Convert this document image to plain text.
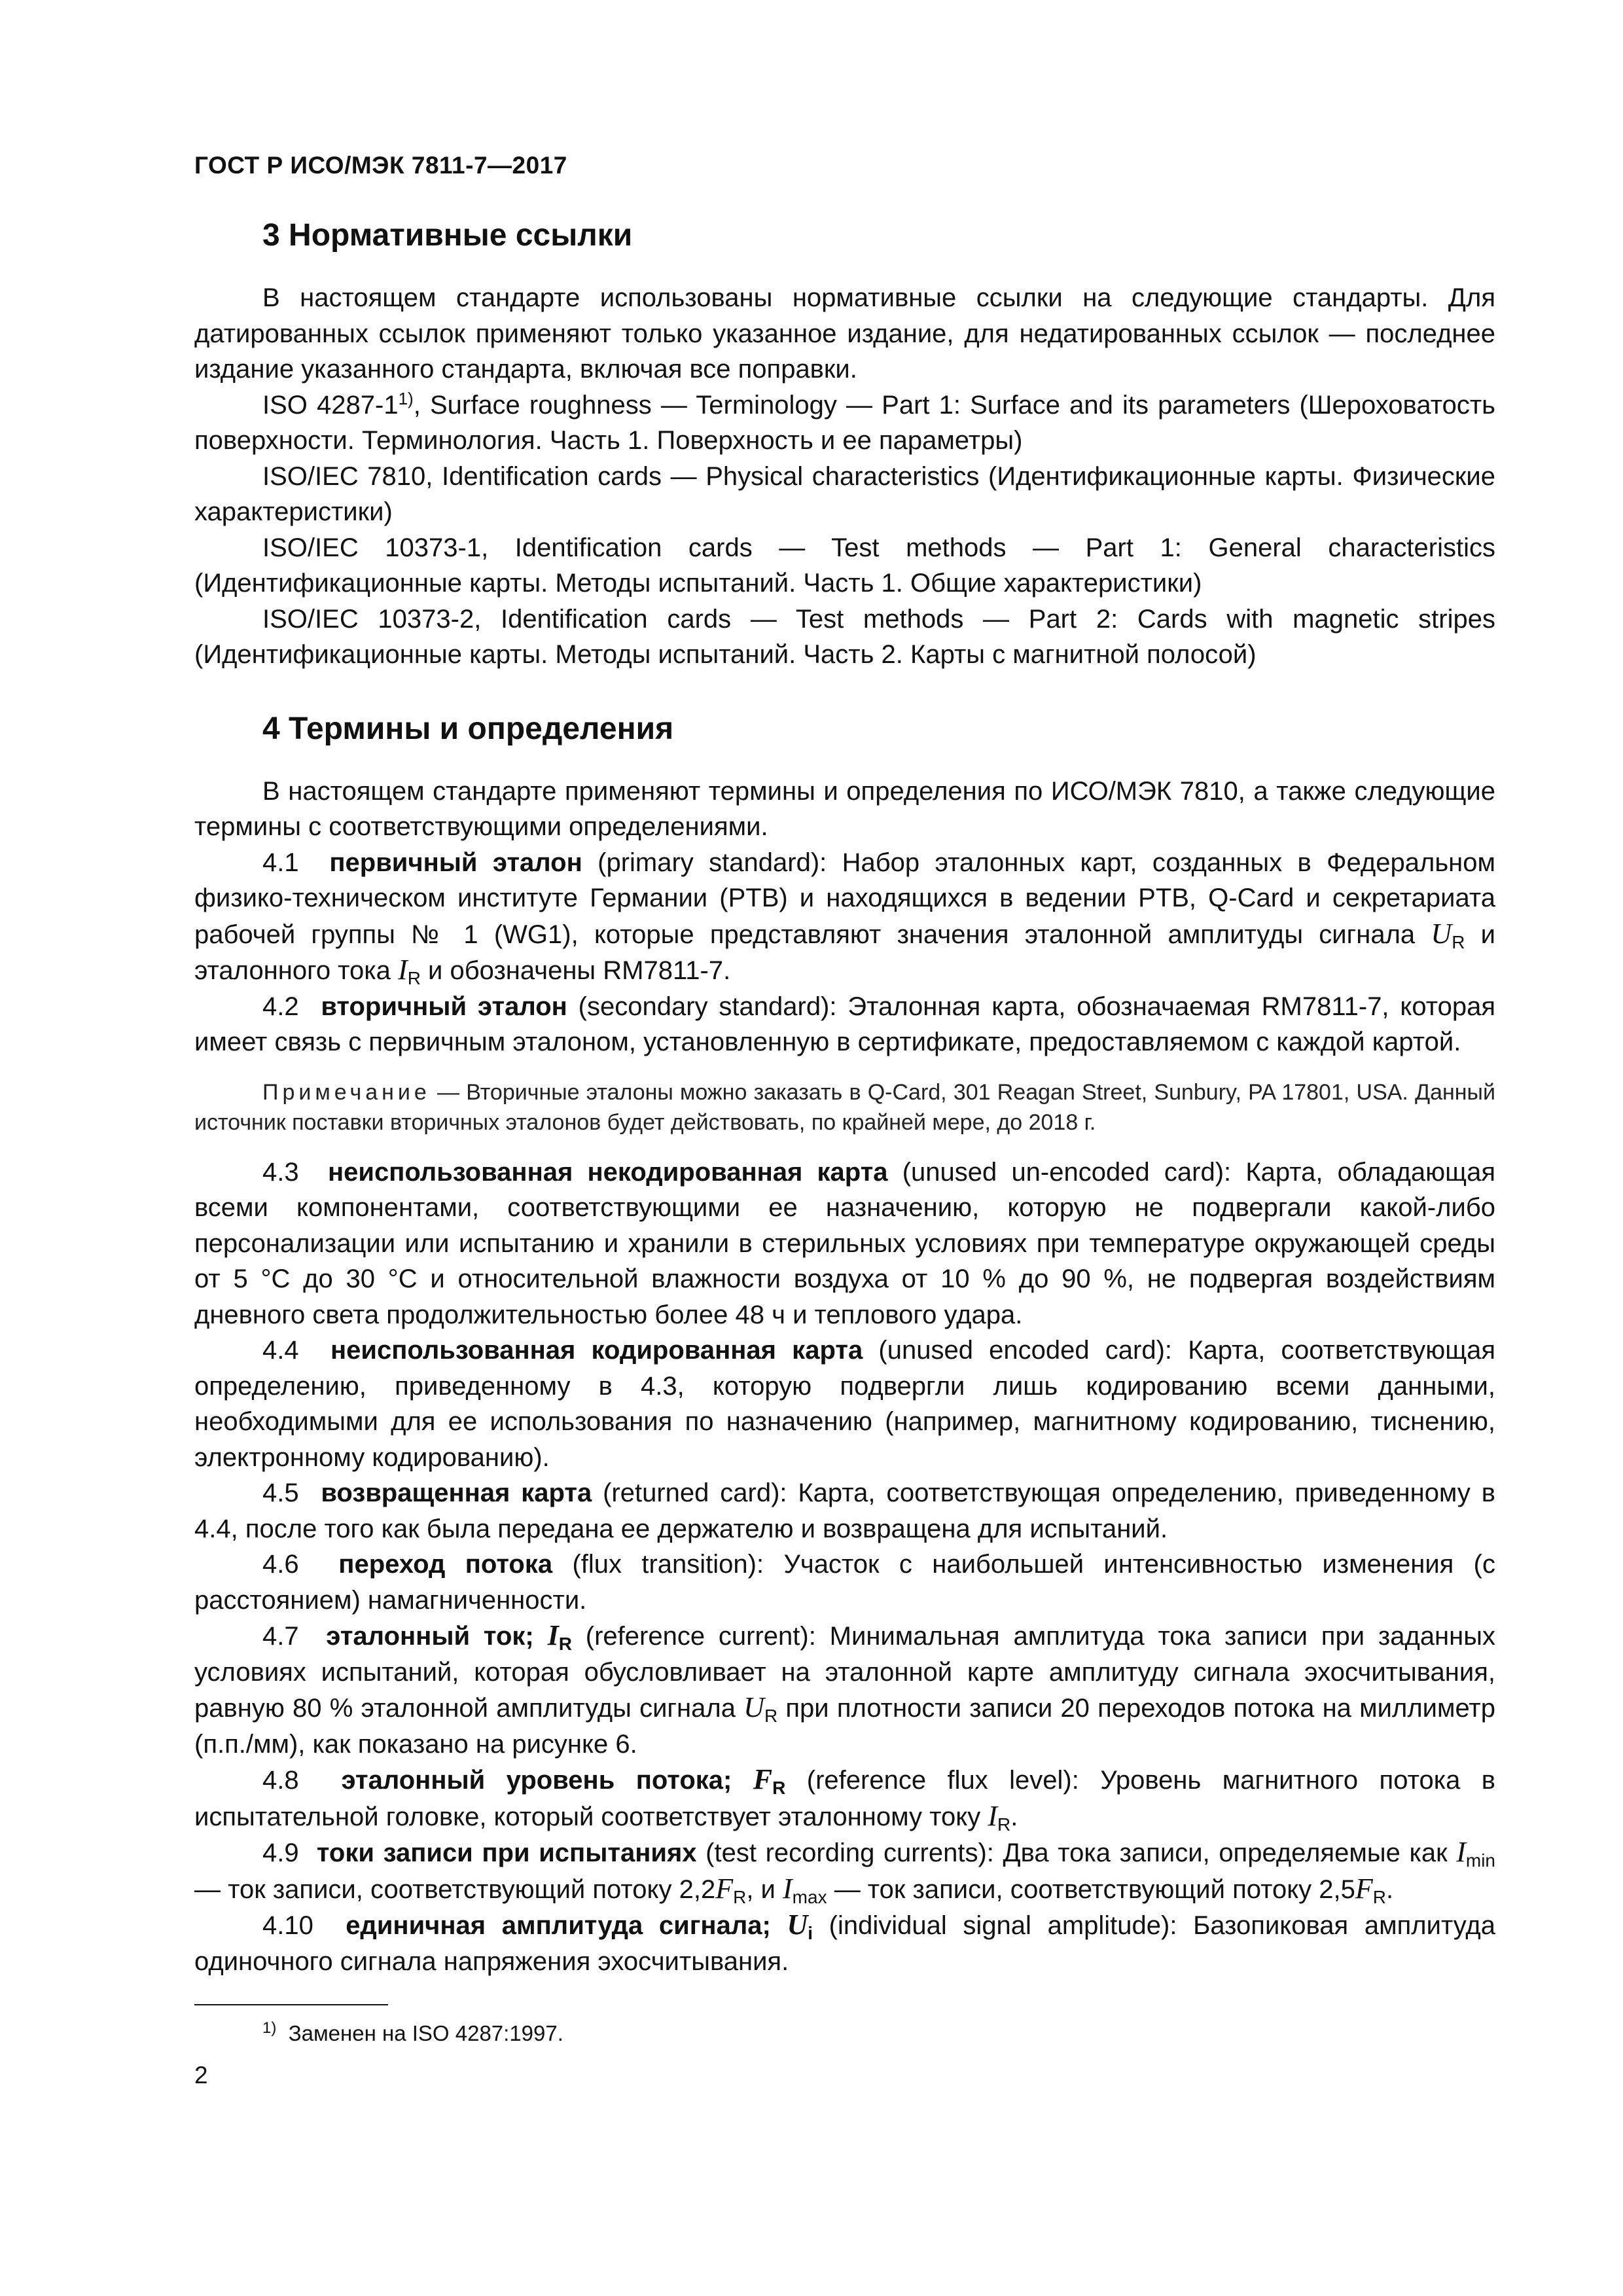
ГОСТ Р ИСО/МЭК 7811-7—2017
3 Нормативные ссылки

В настоящем стандарте использованы нормативные ссылки на следующие стандарты. Для датированных ссылок применяют только указанное издание, для недатированных ссылок — последнее издание указанного стандарта, включая все поправки.

ISO 4287-1$^{1)}$, Surface roughness — Terminology — Part 1: Surface and its parameters (Шероховатость поверхности. Терминология. Часть 1. Поверхность и ее параметры)

ISO/IEC 7810, Identification cards — Physical characteristics (Идентификационные карты. Физические характеристики)

ISO/IEC 10373-1, Identification cards — Test methods — Part 1: General characteristics (Идентификационные карты. Методы испытаний. Часть 1. Общие характеристики)

ISO/IEC 10373-2, Identification cards — Test methods — Part 2: Cards with magnetic stripes (Идентификационные карты. Методы испытаний. Часть 2. Карты с магнитной полосой)

4 Термины и определения

В настоящем стандарте применяют термины и определения по ИСО/МЭК 7810, а также следующие термины с соответствующими определениями.

4.1 первичный эталон (primary standard): Набор эталонных карт, созданных в Федеральном физико-техническом институте Германии (PTB) и находящихся в ведении PTB, Q-Card и секретариата рабочей группы № 1 (WG1), которые представляют значения эталонной амплитуды сигнала $U_R$ и эталонного тока $I_R$ и обозначены RM7811-7.

4.2 вторичный эталон (secondary standard): Эталонная карта, обозначаемая RM7811-7, которая имеет связь с первичным эталоном, установленную в сертификате, предоставляемом с каждой картой.

Примечание — Вторичные эталоны можно заказать в Q-Card, 301 Reagan Street, Sunbury, PA 17801, USA. Данный источник поставки вторичных эталонов будет действовать, по крайней мере, до 2018 г.

4.3 неиспользованная некодированная карта (unused un-encoded card): Карта, обладающая всеми компонентами, соответствующими ее назначению, которую не подвергали какой-либо персонализации или испытанию и хранили в стерильных условиях при температуре окружающей среды от 5 °С до 30 °С и относительной влажности воздуха от 10 % до 90 %, не подвергая воздействиям дневного света продолжительностью более 48 ч и теплового удара.

4.4 неиспользованная кодированная карта (unused encoded card): Карта, соответствующая определению, приведенному в 4.3, которую подвергли лишь кодированию всеми данными, необходимыми для ее использования по назначению (например, магнитному кодированию, тиснению, электронному кодированию).

4.5 возвращенная карта (returned card): Карта, соответствующая определению, приведенному в 4.4, после того как была передана ее держателю и возвращена для испытаний.

4.6 переход потока (flux transition): Участок с наибольшей интенсивностью изменения (с расстоянием) намагниченности.

4.7 эталонный ток; $I_R$ (reference current): Минимальная амплитуда тока записи при заданных условиях испытаний, которая обусловливает на эталонной карте амплитуду сигнала эхосчитывания, равную 80 % эталонной амплитуды сигнала $U_R$ при плотности записи 20 переходов потока на миллиметр (п.п./мм), как показано на рисунке 6.

4.8 эталонный уровень потока; $F_R$ (reference flux level): Уровень магнитного потока в испытательной головке, который соответствует эталонному току $I_R$.

4.9 токи записи при испытаниях (test recording currents): Два тока записи, определяемые как $I_{min}$ — ток записи, соответствующий потоку $2,2F_R$, и $I_{max}$ — ток записи, соответствующий потоку $2,5F_R$.

4.10 единичная амплитуда сигнала; $U_i$ (individual signal amplitude): Базопиковая амплитуда одиночного сигнала напряжения эхосчитывания.

$^{1)}$ Заменен на ISO 4287:1997.
2
